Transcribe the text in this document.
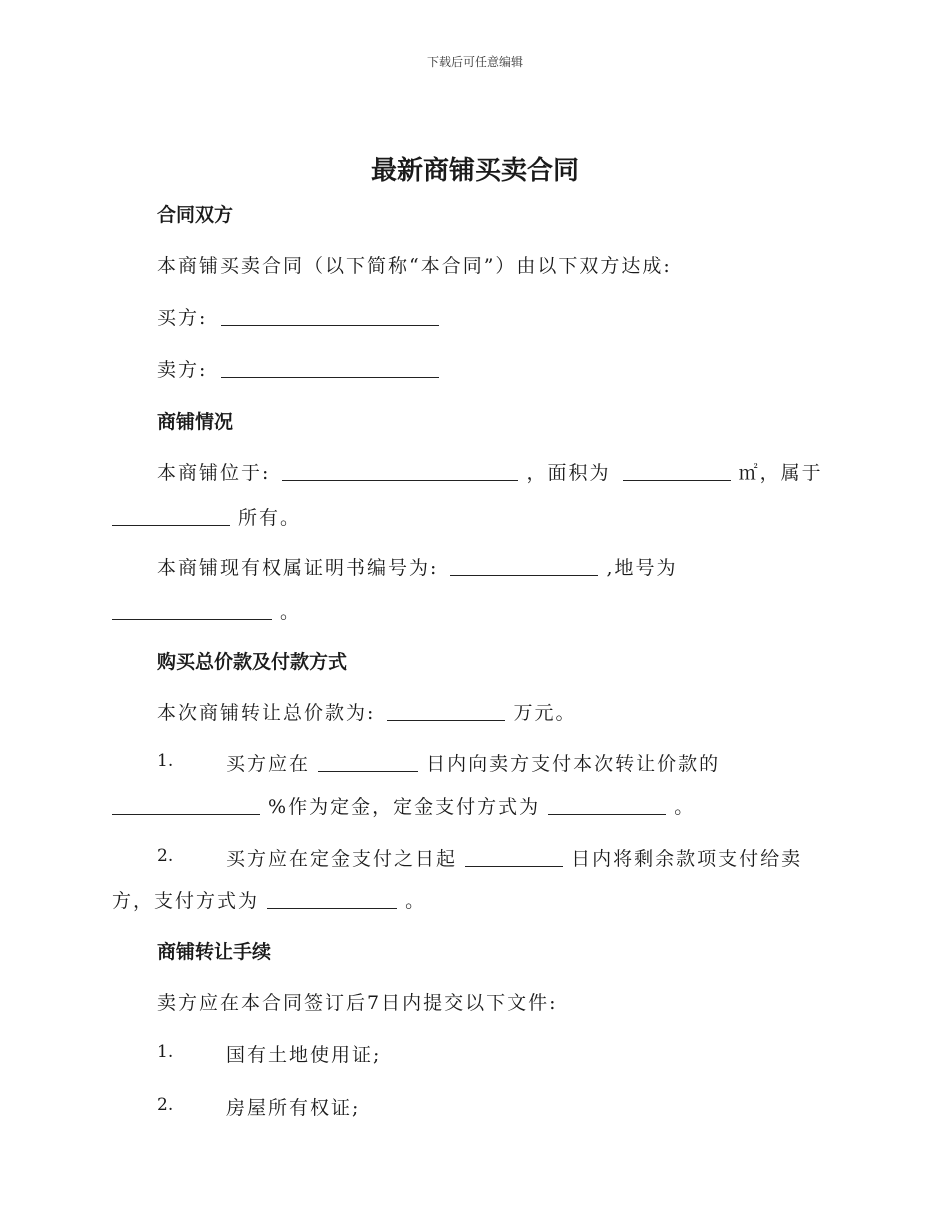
下载后可任意编辑
最新商铺买卖合同
合同双方
本商铺买卖合同（以下简称“本合同”）由以下双方达成:
买方:
卖方:
商铺情况
本商铺位于:	，面积为	㎡，属于
所有。
本商铺现有权属证明书编号为:	,地号为
。
购买总价款及付款方式
本次商铺转让总价款为:	万元。
1.	买方应在	日内向卖方支付本次转让价款的
%作为定金，定金支付方式为	。
2.	买方应在定金支付之日起	日内将剩余款项支付给卖
方，支付方式为	。
商铺转让手续
卖方应在本合同签订后7日内提交以下文件:
1.	国有土地使用证;
2.	房屋所有权证;
